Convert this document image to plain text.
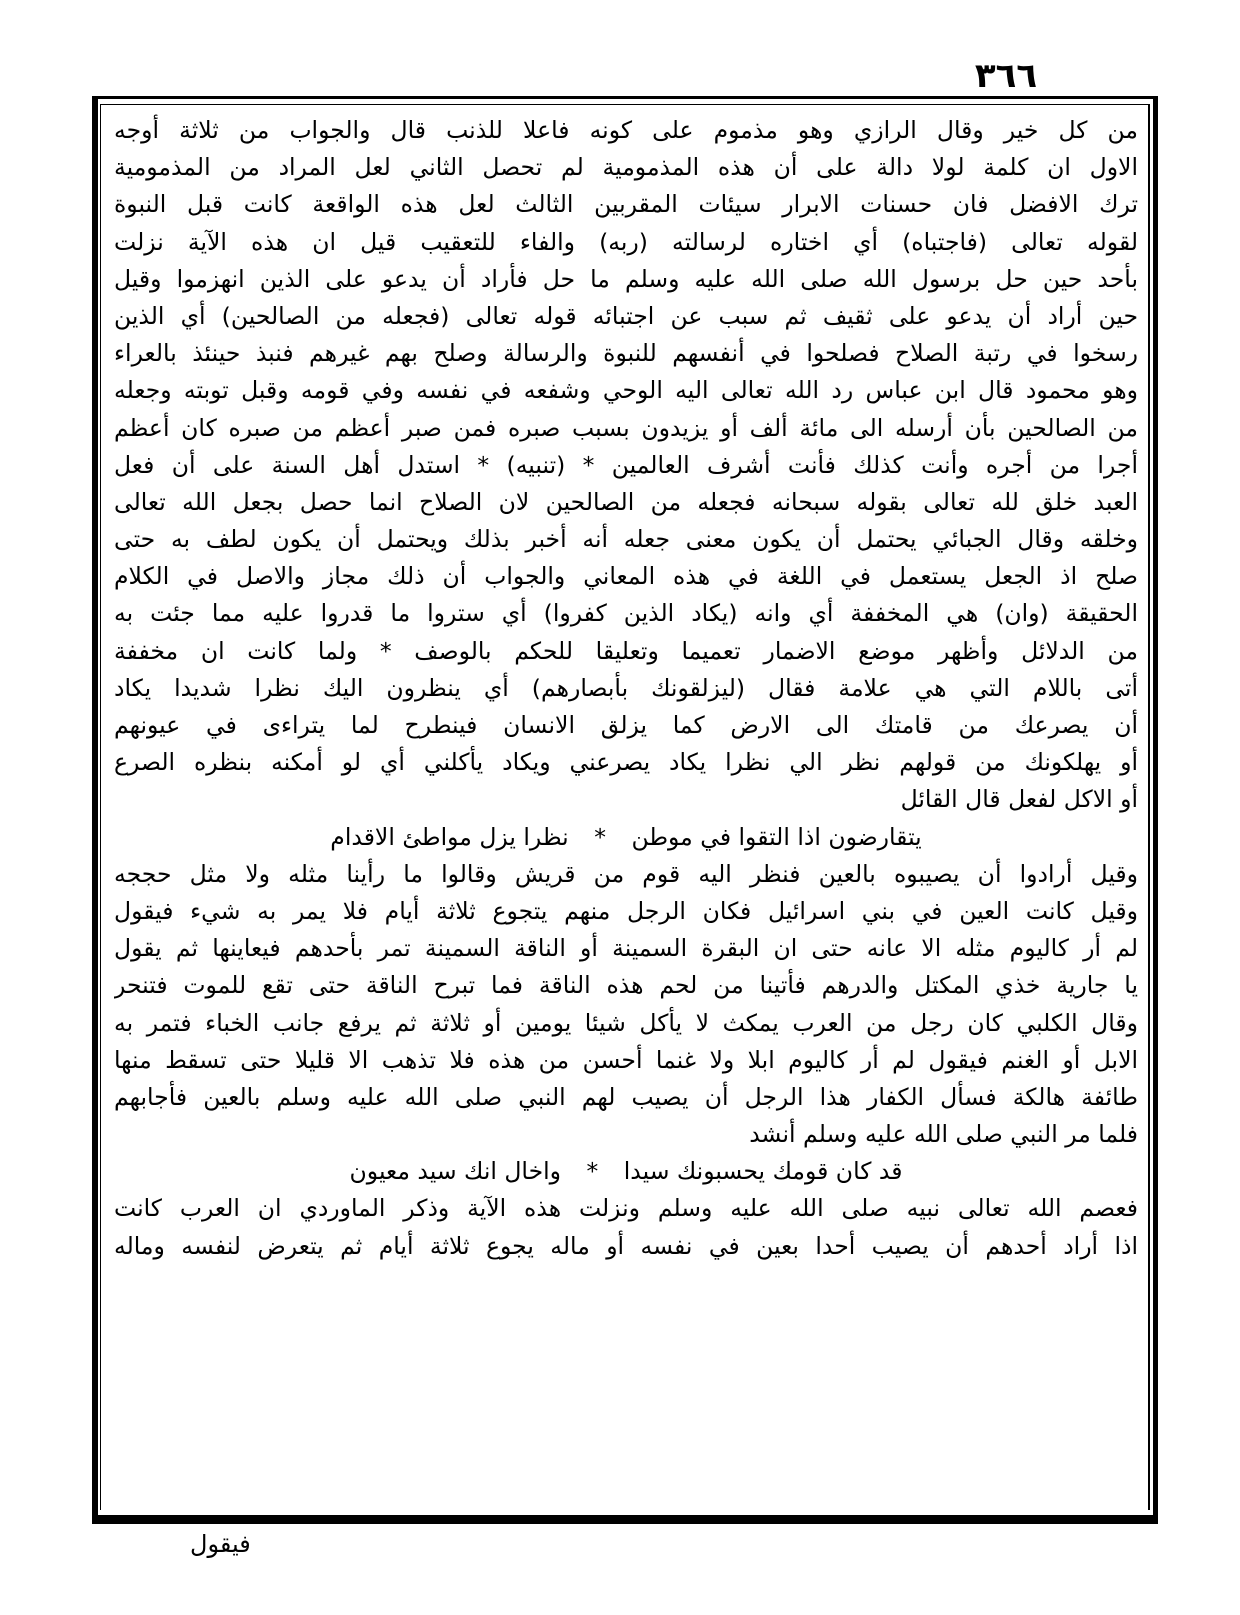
٣٦٦
من كل خير وقال الرازي وهو مذموم على كونه فاعلا للذنب قال والجواب من ثلاثة أوجه
الاول ان كلمة لولا دالة على أن هذه المذمومية لم تحصل الثاني لعل المراد من المذمومية
ترك الافضل فان حسنات الابرار سيئات المقربين الثالث لعل هذه الواقعة كانت قبل النبوة
لقوله تعالى (فاجتباه) أي اختاره لرسالته (ربه) والفاء للتعقيب قيل ان هذه الآية نزلت
بأحد حين حل برسول الله صلى الله عليه وسلم ما حل فأراد أن يدعو على الذين انهزموا وقيل
حين أراد أن يدعو على ثقيف ثم سبب عن اجتبائه قوله تعالى (فجعله من الصالحين) أي الذين
رسخوا في رتبة الصلاح فصلحوا في أنفسهم للنبوة والرسالة وصلح بهم غيرهم فنبذ حينئذ بالعراء
وهو محمود قال ابن عباس رد الله تعالى اليه الوحي وشفعه في نفسه وفي قومه وقبل توبته وجعله
من الصالحين بأن أرسله الى مائة ألف أو يزيدون بسبب صبره فمن صبر أعظم من صبره كان أعظم
أجرا من أجره وأنت كذلك فأنت أشرف العالمين * (تنبيه) * استدل أهل السنة على أن فعل
العبد خلق لله تعالى بقوله سبحانه فجعله من الصالحين لان الصلاح انما حصل بجعل الله تعالى
وخلقه وقال الجبائي يحتمل أن يكون معنى جعله أنه أخبر بذلك ويحتمل أن يكون لطف به حتى
صلح اذ الجعل يستعمل في اللغة في هذه المعاني والجواب أن ذلك مجاز والاصل في الكلام
الحقيقة (وان) هي المخففة أي وانه (يكاد الذين كفروا) أي ستروا ما قدروا عليه مما جئت به
من الدلائل وأظهر موضع الاضمار تعميما وتعليقا للحكم بالوصف * ولما كانت ان مخففة
أتى باللام التي هي علامة فقال (ليزلقونك بأبصارهم) أي ينظرون اليك نظرا شديدا يكاد
أن يصرعك من قامتك الى الارض كما يزلق الانسان فينطرح لما يتراءى في عيونهم
أو يهلكونك من قولهم نظر الي نظرا يكاد يصرعني ويكاد يأكلني أي لو أمكنه بنظره الصرع
أو الاكل لفعل قال القائل
يتقارضون اذا التقوا في موطن * نظرا يزل مواطئ الاقدام
وقيل أرادوا أن يصيبوه بالعين فنظر اليه قوم من قريش وقالوا ما رأينا مثله ولا مثل حججه
وقيل كانت العين في بني اسرائيل فكان الرجل منهم يتجوع ثلاثة أيام فلا يمر به شيء فيقول
لم أر كاليوم مثله الا عانه حتى ان البقرة السمينة أو الناقة السمينة تمر بأحدهم فيعاينها ثم يقول
يا جارية خذي المكتل والدرهم فأتينا من لحم هذه الناقة فما تبرح الناقة حتى تقع للموت فتنحر
وقال الكلبي كان رجل من العرب يمكث لا يأكل شيئا يومين أو ثلاثة ثم يرفع جانب الخباء فتمر به
الابل أو الغنم فيقول لم أر كاليوم ابلا ولا غنما أحسن من هذه فلا تذهب الا قليلا حتى تسقط منها
طائفة هالكة فسأل الكفار هذا الرجل أن يصيب لهم النبي صلى الله عليه وسلم بالعين فأجابهم
فلما مر النبي صلى الله عليه وسلم أنشد
قد كان قومك يحسبونك سيدا * واخال انك سيد معيون
فعصم الله تعالى نبيه صلى الله عليه وسلم ونزلت هذه الآية وذكر الماوردي ان العرب كانت
اذا أراد أحدهم أن يصيب أحدا بعين في نفسه أو ماله يجوع ثلاثة أيام ثم يتعرض لنفسه وماله
فيقول
